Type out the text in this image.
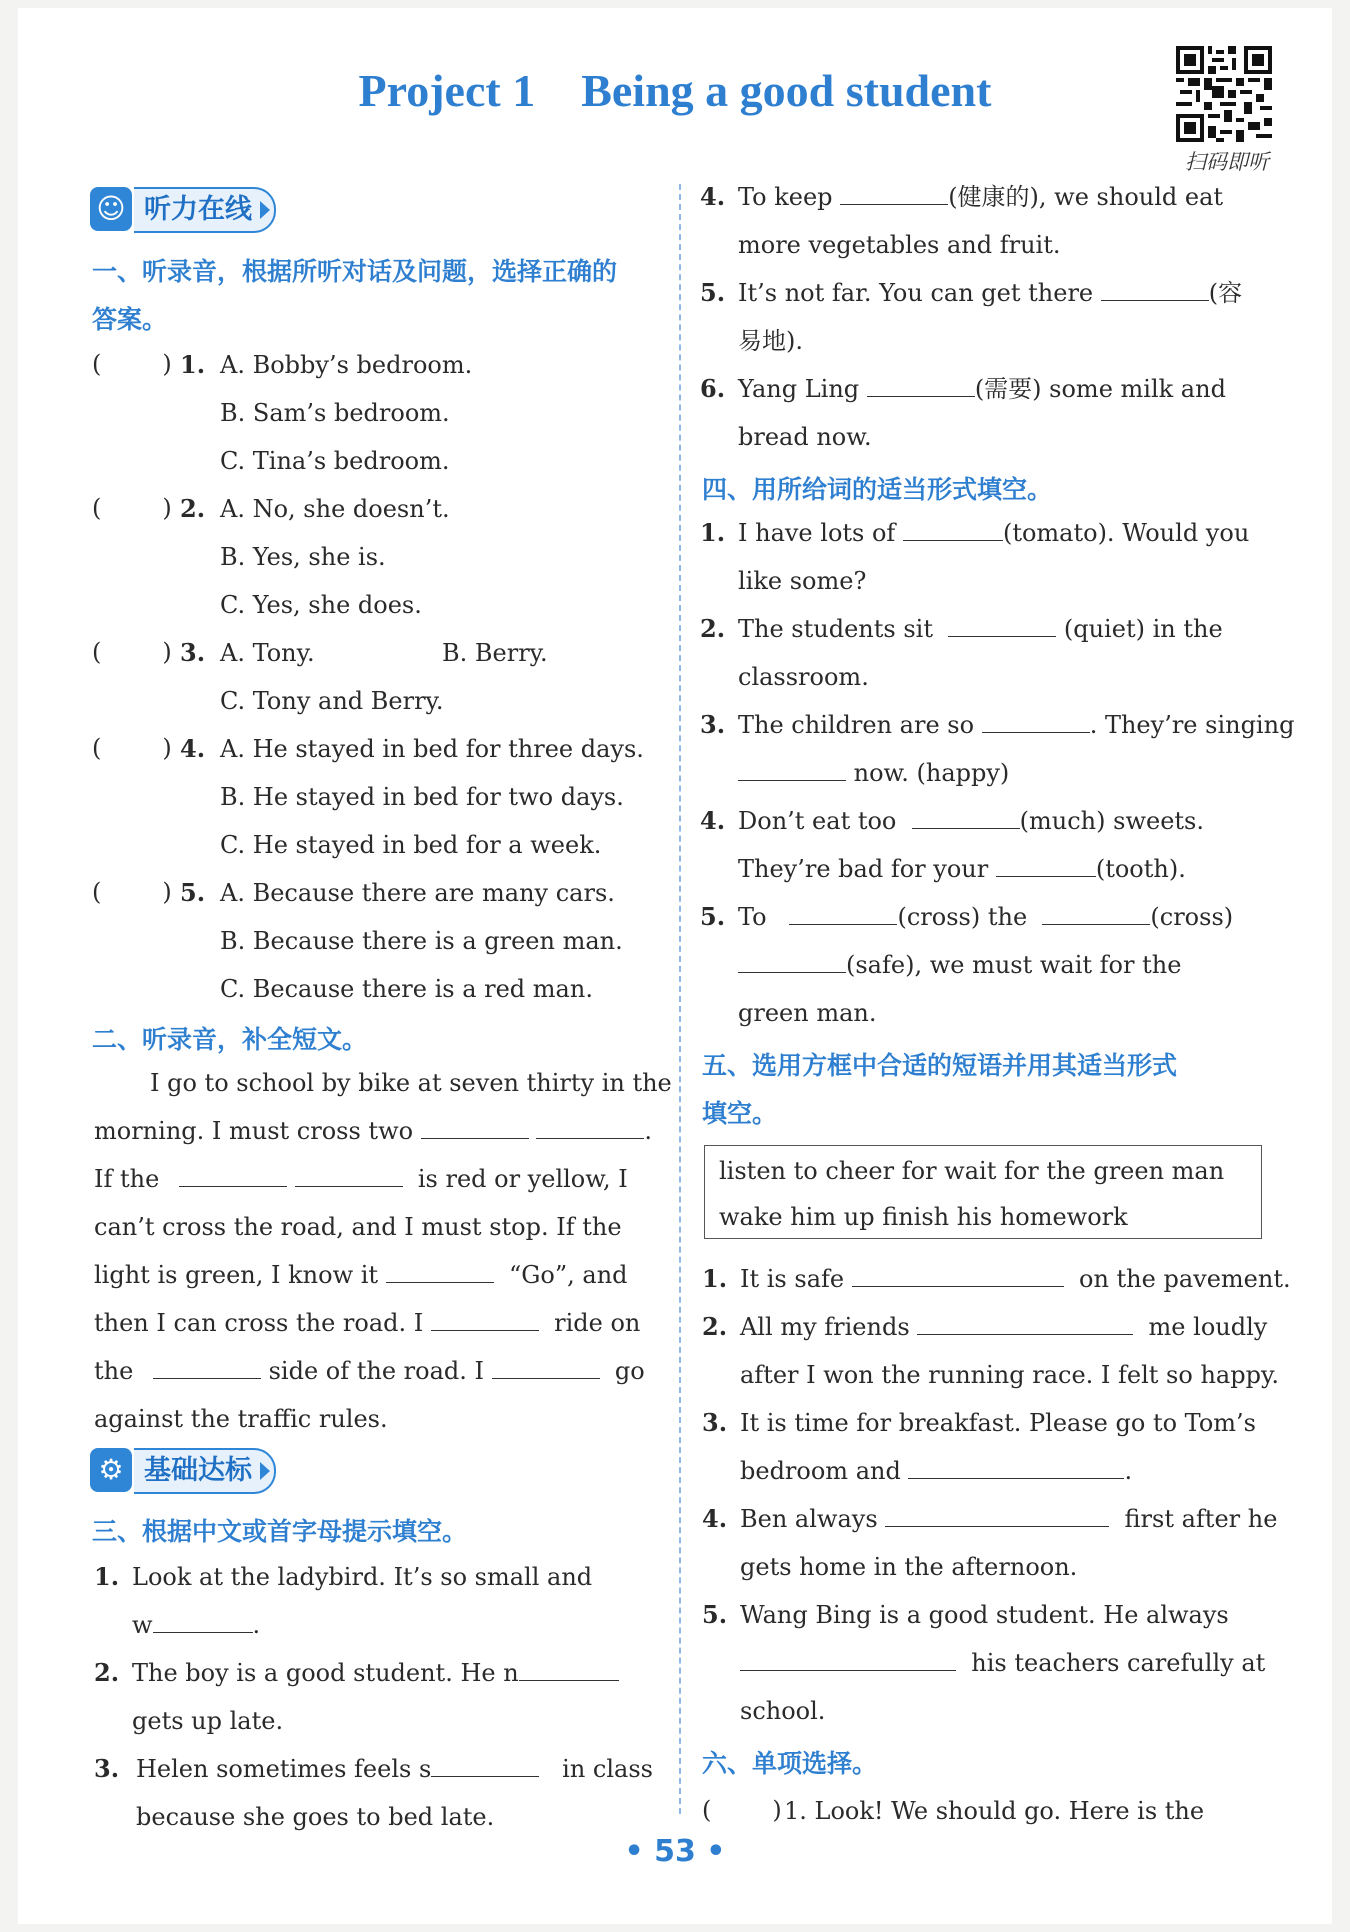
Project 1    Being a good student
扫码即听
☺ 听力在线
一、听录音，根据所听对话及问题，选择正确的
答案。
(        ) 1. A. Bobby’s bedroom.
B. Sam’s bedroom.
C. Tina’s bedroom.
(        ) 2. A. No, she doesn’t.
B. Yes, she is.
C. Yes, she does.
(        ) 3. A. Tony.	B. Berry.
C. Tony and Berry.
(        ) 4. A. He stayed in bed for three days.
B. He stayed in bed for two days.
C. He stayed in bed for a week.
(        ) 5. A. Because there are many cars.
B. Because there is a green man.
C. Because there is a red man.
二、听录音，补全短文。
I go to school by bike at seven thirty in the
morning. I must cross two	.
If the	is red or yellow, I
can’t cross the road, and I must stop. If the
light is green, I know it	“Go”, and
then I can cross the road. I	ride on
the	side of the road. I	go
against the traffic rules.
⚙ 基础达标
三、根据中文或首字母提示填空。
1. Look at the ladybird. It’s so small and
w	.
2. The boy is a good student. He n
gets up late.
3. Helen sometimes feels s	in class
because she goes to bed late.
4. To keep	(健康的), we should eat
more vegetables and fruit.
5. It’s not far. You can get there	(容
易地).
6. Yang Ling	(需要) some milk and
bread now.
四、用所给词的适当形式填空。
1. I have lots of	(tomato). Would you
like some?
2. The students sit	(quiet) in the
classroom.
3. The children are so	. They’re singing
now. (happy)
4. Don’t eat too	(much) sweets.
They’re bad for your	(tooth).
5. To	(cross) the	(cross)
(safe), we must wait for the
green man.
五、选用方框中合适的短语并用其适当形式
填空。
listen to cheer for wait for the green man
wake him up finish his homework
1. It is safe	on the pavement.
2. All my friends	me loudly
after I won the running race. I felt so happy.
3. It is time for breakfast. Please go to Tom’s
bedroom and	.
4. Ben always	first after he
gets home in the afternoon.
5. Wang Bing is a good student. He always
his teachers carefully at
school.
六、单项选择。
(        ) 1. Look! We should go. Here is the
• 53 •
